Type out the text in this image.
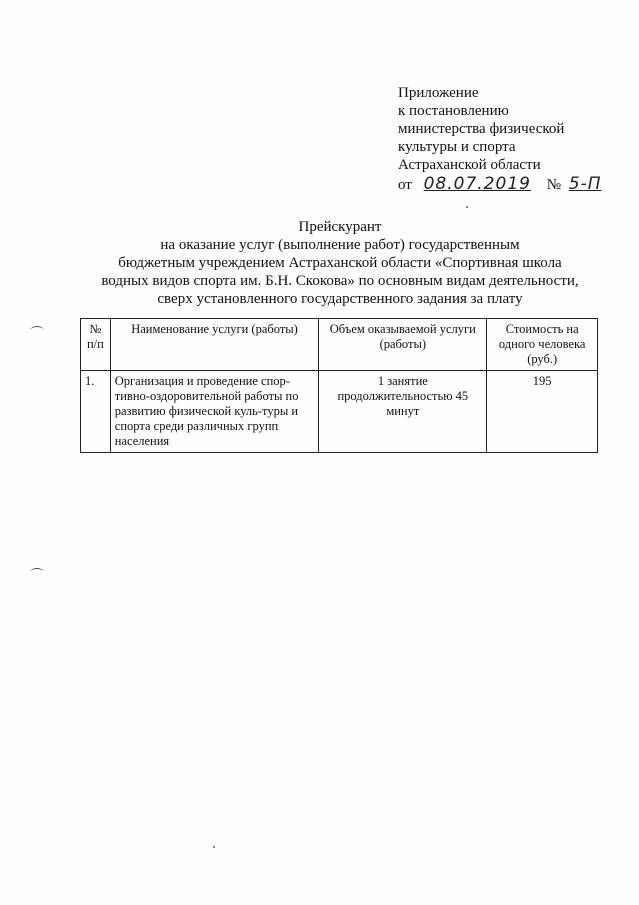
Приложение
к постановлению
министерства физической
культуры и спорта
Астраханской области
от 08.07.2019 № 5-П
Прейскурант
на оказание услуг (выполнение работ) государственным
бюджетным учреждением Астраханской области «Спортивная школа
водных видов спорта им. Б.Н. Скокова» по основным видам деятельности,
сверх установленного государственного задания за плату
№ п/п	Наименование услуги (работы)	Объем оказываемой услуги (работы)	Стоимость на одного человека (руб.)
1.	Организация и проведение спор-тивно-оздоровительной работы по развитию физической куль-туры и спорта среди различных групп населения	1 занятие продолжительностью 45 минут	195
